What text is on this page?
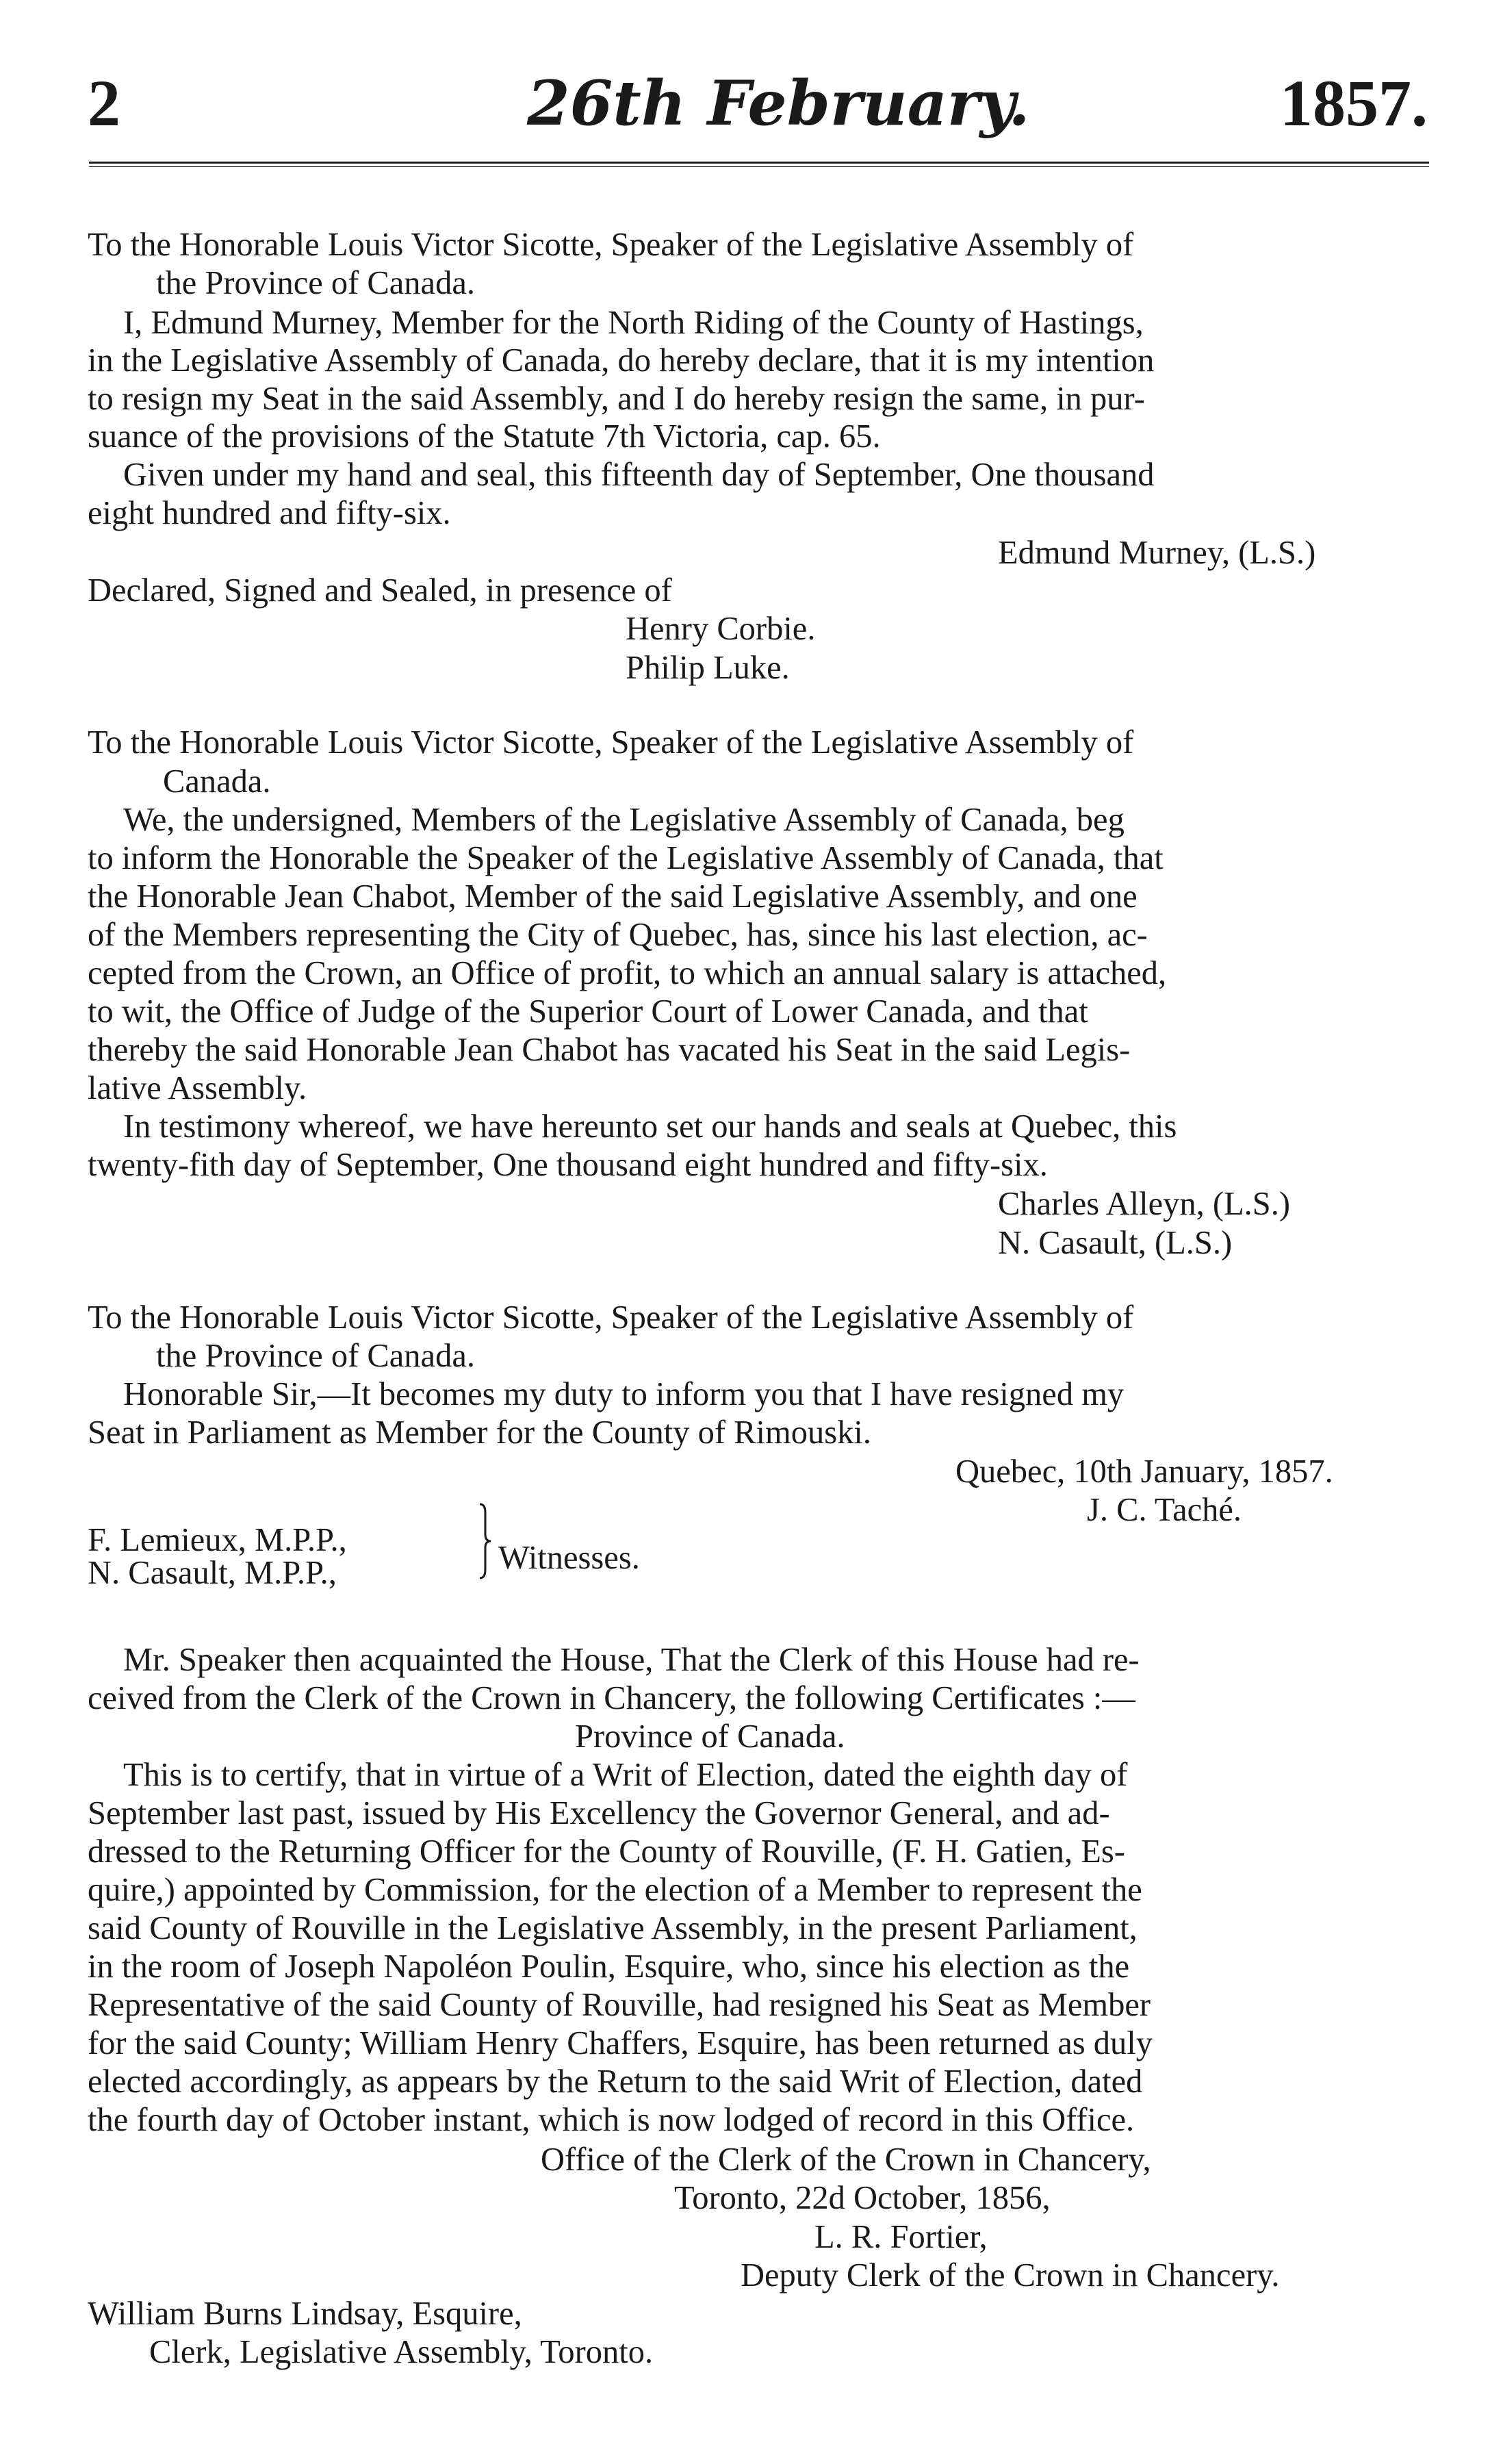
2	26th February.	1857.
To the Honorable Louis Victor Sicotte, Speaker of the Legislative Assembly of
the Province of Canada.
I, Edmund Murney, Member for the North Riding of the County of Hastings,
in the Legislative Assembly of Canada, do hereby declare, that it is my intention
to resign my Seat in the said Assembly, and I do hereby resign the same, in pur-
suance of the provisions of the Statute 7th Victoria, cap. 65.
Given under my hand and seal, this fifteenth day of September, One thousand
eight hundred and fifty-six.
Edmund Murney, (L.S.)
Declared, Signed and Sealed, in presence of
Henry Corbie.
Philip Luke.
To the Honorable Louis Victor Sicotte, Speaker of the Legislative Assembly of
Canada.
We, the undersigned, Members of the Legislative Assembly of Canada, beg
to inform the Honorable the Speaker of the Legislative Assembly of Canada, that
the Honorable Jean Chabot, Member of the said Legislative Assembly, and one
of the Members representing the City of Quebec, has, since his last election, ac-
cepted from the Crown, an Office of profit, to which an annual salary is attached,
to wit, the Office of Judge of the Superior Court of Lower Canada, and that
thereby the said Honorable Jean Chabot has vacated his Seat in the said Legis-
lative Assembly.
In testimony whereof, we have hereunto set our hands and seals at Quebec, this
twenty-fith day of September, One thousand eight hundred and fifty-six.
Charles Alleyn, (L.S.)
N. Casault, (L.S.)
To the Honorable Louis Victor Sicotte, Speaker of the Legislative Assembly of
the Province of Canada.
Honorable Sir,—It becomes my duty to inform you that I have resigned my
Seat in Parliament as Member for the County of Rimouski.
Quebec, 10th January, 1857.
J. C. Taché.
F. Lemieux, M.P.P.,
N. Casault, M.P.P.,	Witnesses.
Mr. Speaker then acquainted the House, That the Clerk of this House had re-
ceived from the Clerk of the Crown in Chancery, the following Certificates :—
Province of Canada.
This is to certify, that in virtue of a Writ of Election, dated the eighth day of
September last past, issued by His Excellency the Governor General, and ad-
dressed to the Returning Officer for the County of Rouville, (F. H. Gatien, Es-
quire,) appointed by Commission, for the election of a Member to represent the
said County of Rouville in the Legislative Assembly, in the present Parliament,
in the room of Joseph Napoléon Poulin, Esquire, who, since his election as the
Representative of the said County of Rouville, had resigned his Seat as Member
for the said County; William Henry Chaffers, Esquire, has been returned as duly
elected accordingly, as appears by the Return to the said Writ of Election, dated
the fourth day of October instant, which is now lodged of record in this Office.
Office of the Clerk of the Crown in Chancery,
Toronto, 22d October, 1856,
L. R. Fortier,
Deputy Clerk of the Crown in Chancery.
William Burns Lindsay, Esquire,
Clerk, Legislative Assembly, Toronto.
